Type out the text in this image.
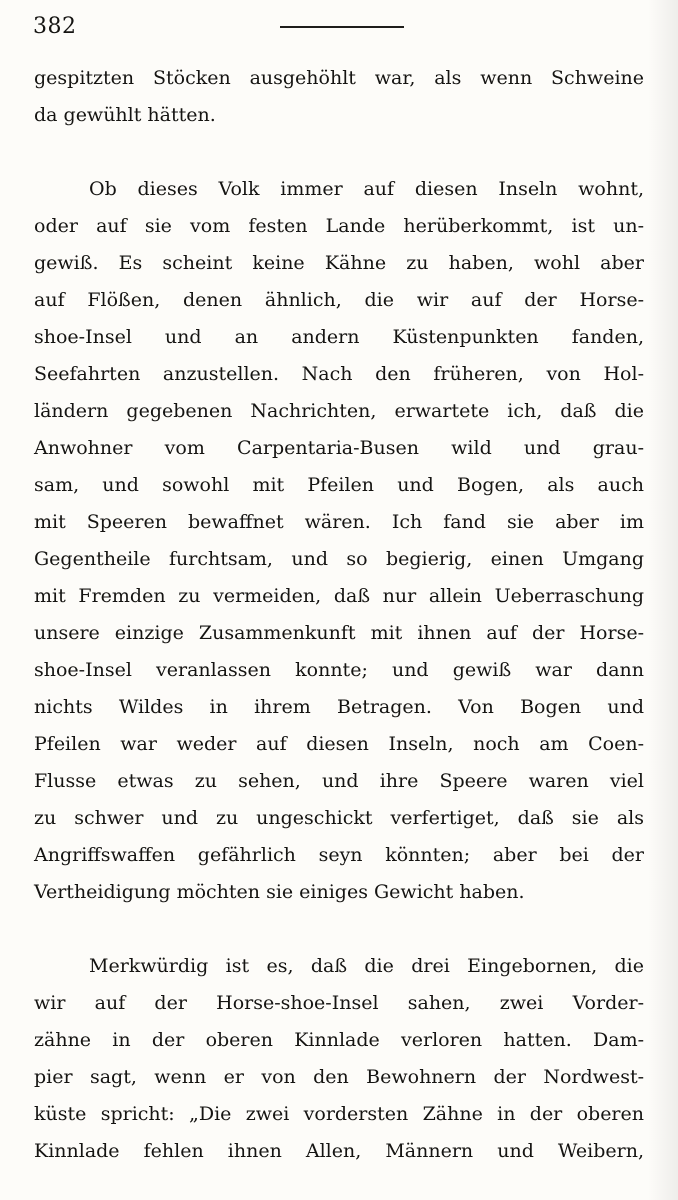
382
gespitzten Stöcken ausgehöhlt war, als wenn Schweine
da gewühlt hätten.
Ob dieses Volk immer auf diesen Inseln wohnt,
oder auf sie vom festen Lande herüberkommt, ist un-
gewiß. Es scheint keine Kähne zu haben, wohl aber
auf Flößen, denen ähnlich, die wir auf der Horse-
shoe-Insel und an andern Küstenpunkten fanden,
Seefahrten anzustellen. Nach den früheren, von Hol-
ländern gegebenen Nachrichten, erwartete ich, daß die
Anwohner vom Carpentaria-Busen wild und grau-
sam, und sowohl mit Pfeilen und Bogen, als auch
mit Speeren bewaffnet wären. Ich fand sie aber im
Gegentheile furchtsam, und so begierig, einen Umgang
mit Fremden zu vermeiden, daß nur allein Ueberraschung
unsere einzige Zusammenkunft mit ihnen auf der Horse-
shoe-Insel veranlassen konnte; und gewiß war dann
nichts Wildes in ihrem Betragen. Von Bogen und
Pfeilen war weder auf diesen Inseln, noch am Coen-
Flusse etwas zu sehen, und ihre Speere waren viel
zu schwer und zu ungeschickt verfertiget, daß sie als
Angriffswaffen gefährlich seyn könnten; aber bei der
Vertheidigung möchten sie einiges Gewicht haben.
Merkwürdig ist es, daß die drei Eingebornen, die
wir auf der Horse-shoe-Insel sahen, zwei Vorder-
zähne in der oberen Kinnlade verloren hatten. Dam-
pier sagt, wenn er von den Bewohnern der Nordwest-
küste spricht: „Die zwei vordersten Zähne in der oberen
Kinnlade fehlen ihnen Allen, Männern und Weibern,
